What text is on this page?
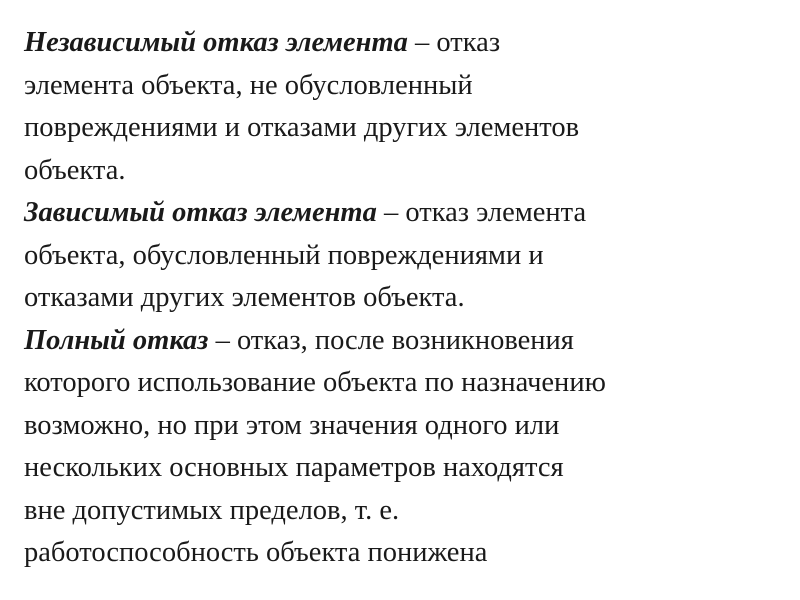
Независимый отказ элемента – отказ
элемента объекта, не обусловленный
повреждениями и отказами других элементов
объекта.
Зависимый отказ элемента – отказ элемента
объекта, обусловленный повреждениями и
отказами других элементов объекта.
Полный отказ – отказ, после возникновения
которого использование объекта по назначению
возможно, но при этом значения одного или
нескольких основных параметров находятся
вне допустимых пределов, т. е.
работоспособность объекта понижена
